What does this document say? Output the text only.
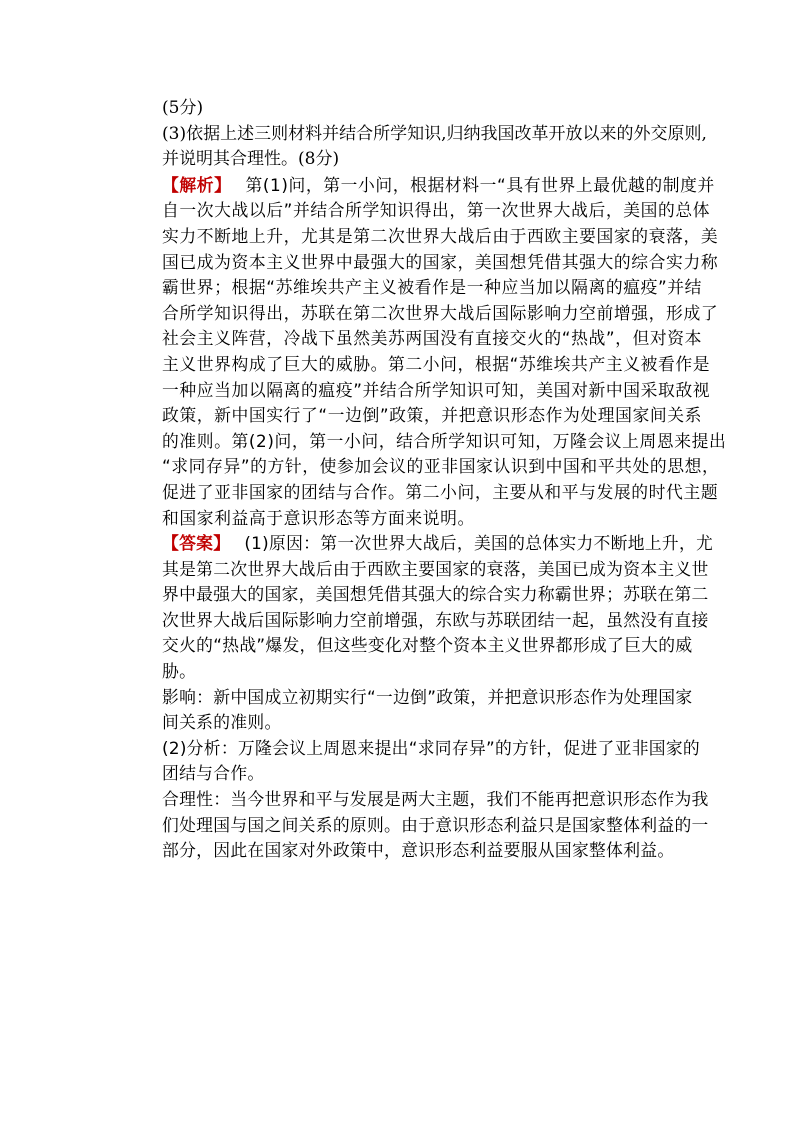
(5分)
(3)依据上述三则材料并结合所学知识,归纳我国改革开放以来的外交原则,
并说明其合理性。(8分)
【解析】 第(1)问，第一小问，根据材料一“具有世界上最优越的制度并
自一次大战以后”并结合所学知识得出，第一次世界大战后，美国的总体
实力不断地上升，尤其是第二次世界大战后由于西欧主要国家的衰落，美
国已成为资本主义世界中最强大的国家，美国想凭借其强大的综合实力称
霸世界；根据“苏维埃共产主义被看作是一种应当加以隔离的瘟疫”并结
合所学知识得出，苏联在第二次世界大战后国际影响力空前增强，形成了
社会主义阵营，冷战下虽然美苏两国没有直接交火的“热战”，但对资本
主义世界构成了巨大的威胁。第二小问，根据“苏维埃共产主义被看作是
一种应当加以隔离的瘟疫”并结合所学知识可知，美国对新中国采取敌视
政策，新中国实行了“一边倒”政策，并把意识形态作为处理国家间关系
的准则。第(2)问，第一小问，结合所学知识可知，万隆会议上周恩来提出
“求同存异”的方针，使参加会议的亚非国家认识到中国和平共处的思想，
促进了亚非国家的团结与合作。第二小问，主要从和平与发展的时代主题
和国家利益高于意识形态等方面来说明。
【答案】 (1)原因：第一次世界大战后，美国的总体实力不断地上升，尤
其是第二次世界大战后由于西欧主要国家的衰落，美国已成为资本主义世
界中最强大的国家，美国想凭借其强大的综合实力称霸世界；苏联在第二
次世界大战后国际影响力空前增强，东欧与苏联团结一起，虽然没有直接
交火的“热战”爆发，但这些变化对整个资本主义世界都形成了巨大的威
胁。
影响：新中国成立初期实行“一边倒”政策，并把意识形态作为处理国家
间关系的准则。
(2)分析：万隆会议上周恩来提出“求同存异”的方针，促进了亚非国家的
团结与合作。
合理性：当今世界和平与发展是两大主题，我们不能再把意识形态作为我
们处理国与国之间关系的原则。由于意识形态利益只是国家整体利益的一
部分，因此在国家对外政策中，意识形态利益要服从国家整体利益。
